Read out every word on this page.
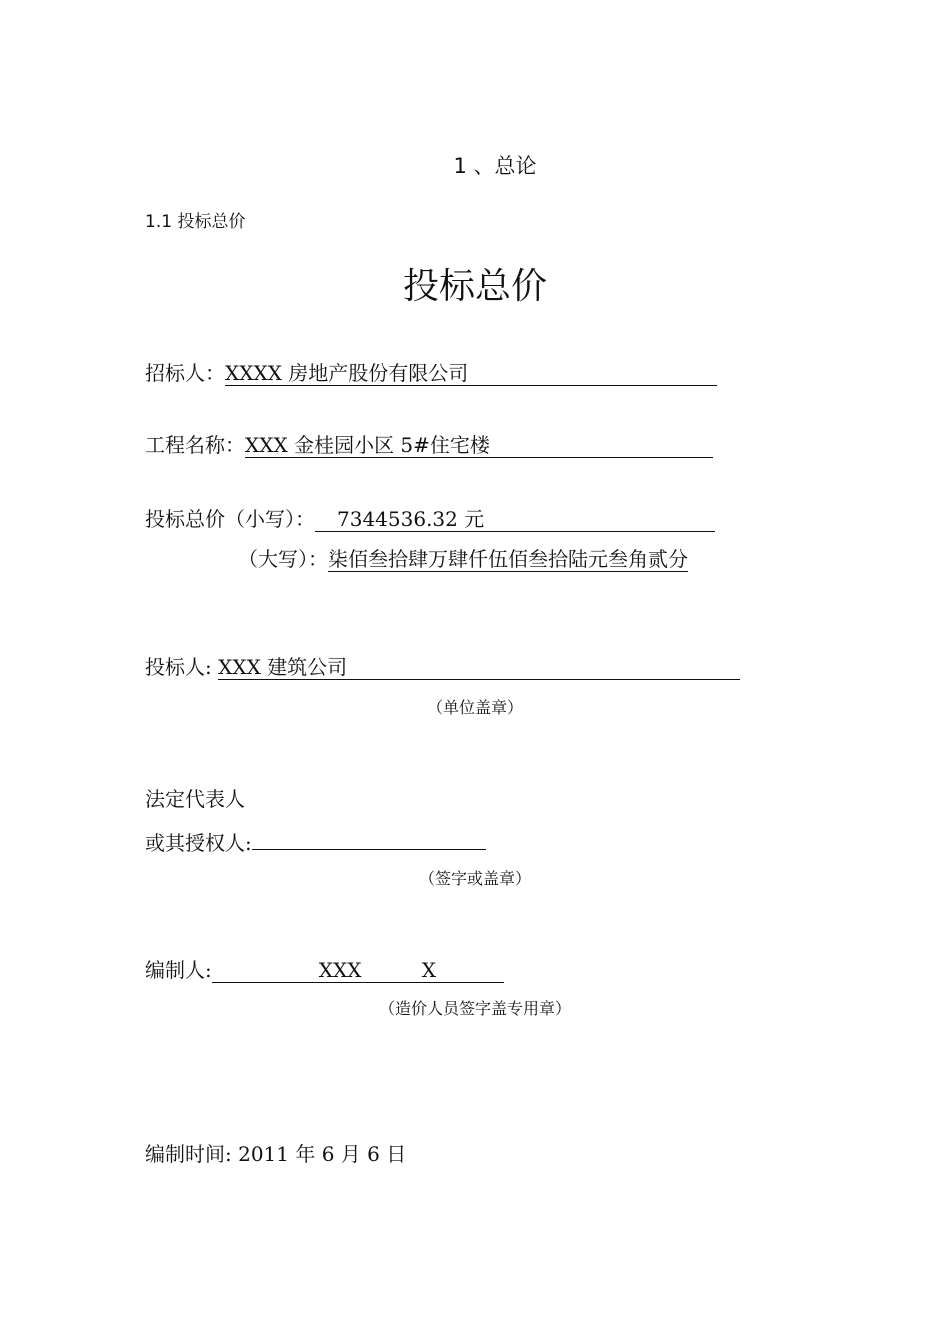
1 、总论
1.1 投标总价
投标总价
招标人：XXXX 房地产股份有限公司
工程名称：XXX 金桂园小区 5#住宅楼
投标总价（小写）： 7344536.32 元
（大写）：柒佰叁拾肆万肆仟伍佰叁拾陆元叁角贰分
投标人: XXX 建筑公司
（单位盖章）
法定代表人
或其授权人:
（签字或盖章）
编制人:	XXX	X

（造价人员签字盖专用章）
编制时间: 2011 年 6 月 6 日
